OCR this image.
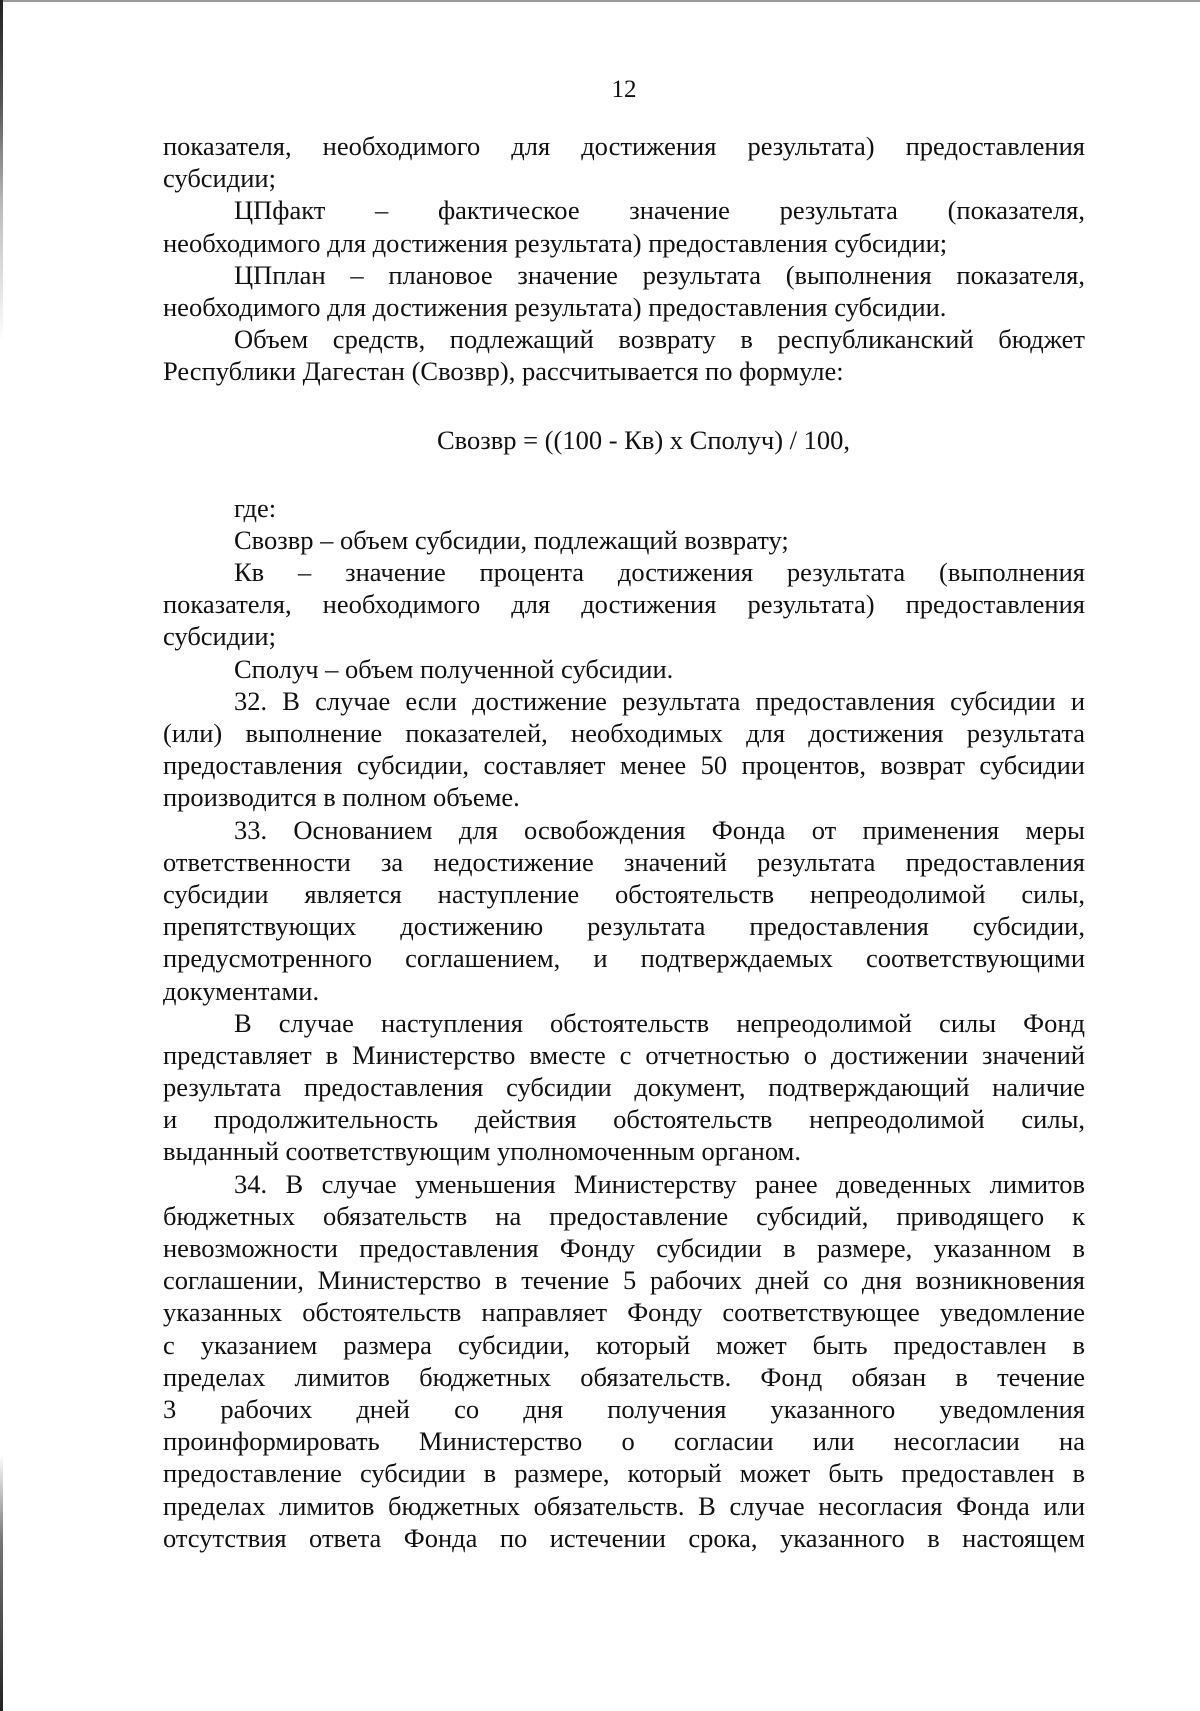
12
показателя, необходимого для достижения результата) предоставления
субсидии;
ЦПфакт – фактическое значение результата (показателя,
необходимого для достижения результата) предоставления субсидии;
ЦПплан – плановое значение результата (выполнения показателя,
необходимого для достижения результата) предоставления субсидии.
Объем средств, подлежащий возврату в республиканский бюджет
Республики Дагестан (Свозвр), рассчитывается по формуле:
Свозвр = ((100 - Кв) x Сполуч) / 100,
где:
Свозвр – объем субсидии, подлежащий возврату;
Кв – значение процента достижения результата (выполнения
показателя, необходимого для достижения результата) предоставления
субсидии;
Сполуч – объем полученной субсидии.
32. В случае если достижение результата предоставления субсидии и
(или) выполнение показателей, необходимых для достижения результата
предоставления субсидии, составляет менее 50 процентов, возврат субсидии
производится в полном объеме.
33. Основанием для освобождения Фонда от применения меры
ответственности за недостижение значений результата предоставления
субсидии является наступление обстоятельств непреодолимой силы,
препятствующих достижению результата предоставления субсидии,
предусмотренного соглашением, и подтверждаемых соответствующими
документами.
В случае наступления обстоятельств непреодолимой силы Фонд
представляет в Министерство вместе с отчетностью о достижении значений
результата предоставления субсидии документ, подтверждающий наличие
и продолжительность действия обстоятельств непреодолимой силы,
выданный соответствующим уполномоченным органом.
34. В случае уменьшения Министерству ранее доведенных лимитов
бюджетных обязательств на предоставление субсидий, приводящего к
невозможности предоставления Фонду субсидии в размере, указанном в
соглашении, Министерство в течение 5 рабочих дней со дня возникновения
указанных обстоятельств направляет Фонду соответствующее уведомление
с указанием размера субсидии, который может быть предоставлен в
пределах лимитов бюджетных обязательств. Фонд обязан в течение
3 рабочих дней со дня получения указанного уведомления
проинформировать Министерство о согласии или несогласии на
предоставление субсидии в размере, который может быть предоставлен в
пределах лимитов бюджетных обязательств. В случае несогласия Фонда или
отсутствия ответа Фонда по истечении срока, указанного в настоящем
